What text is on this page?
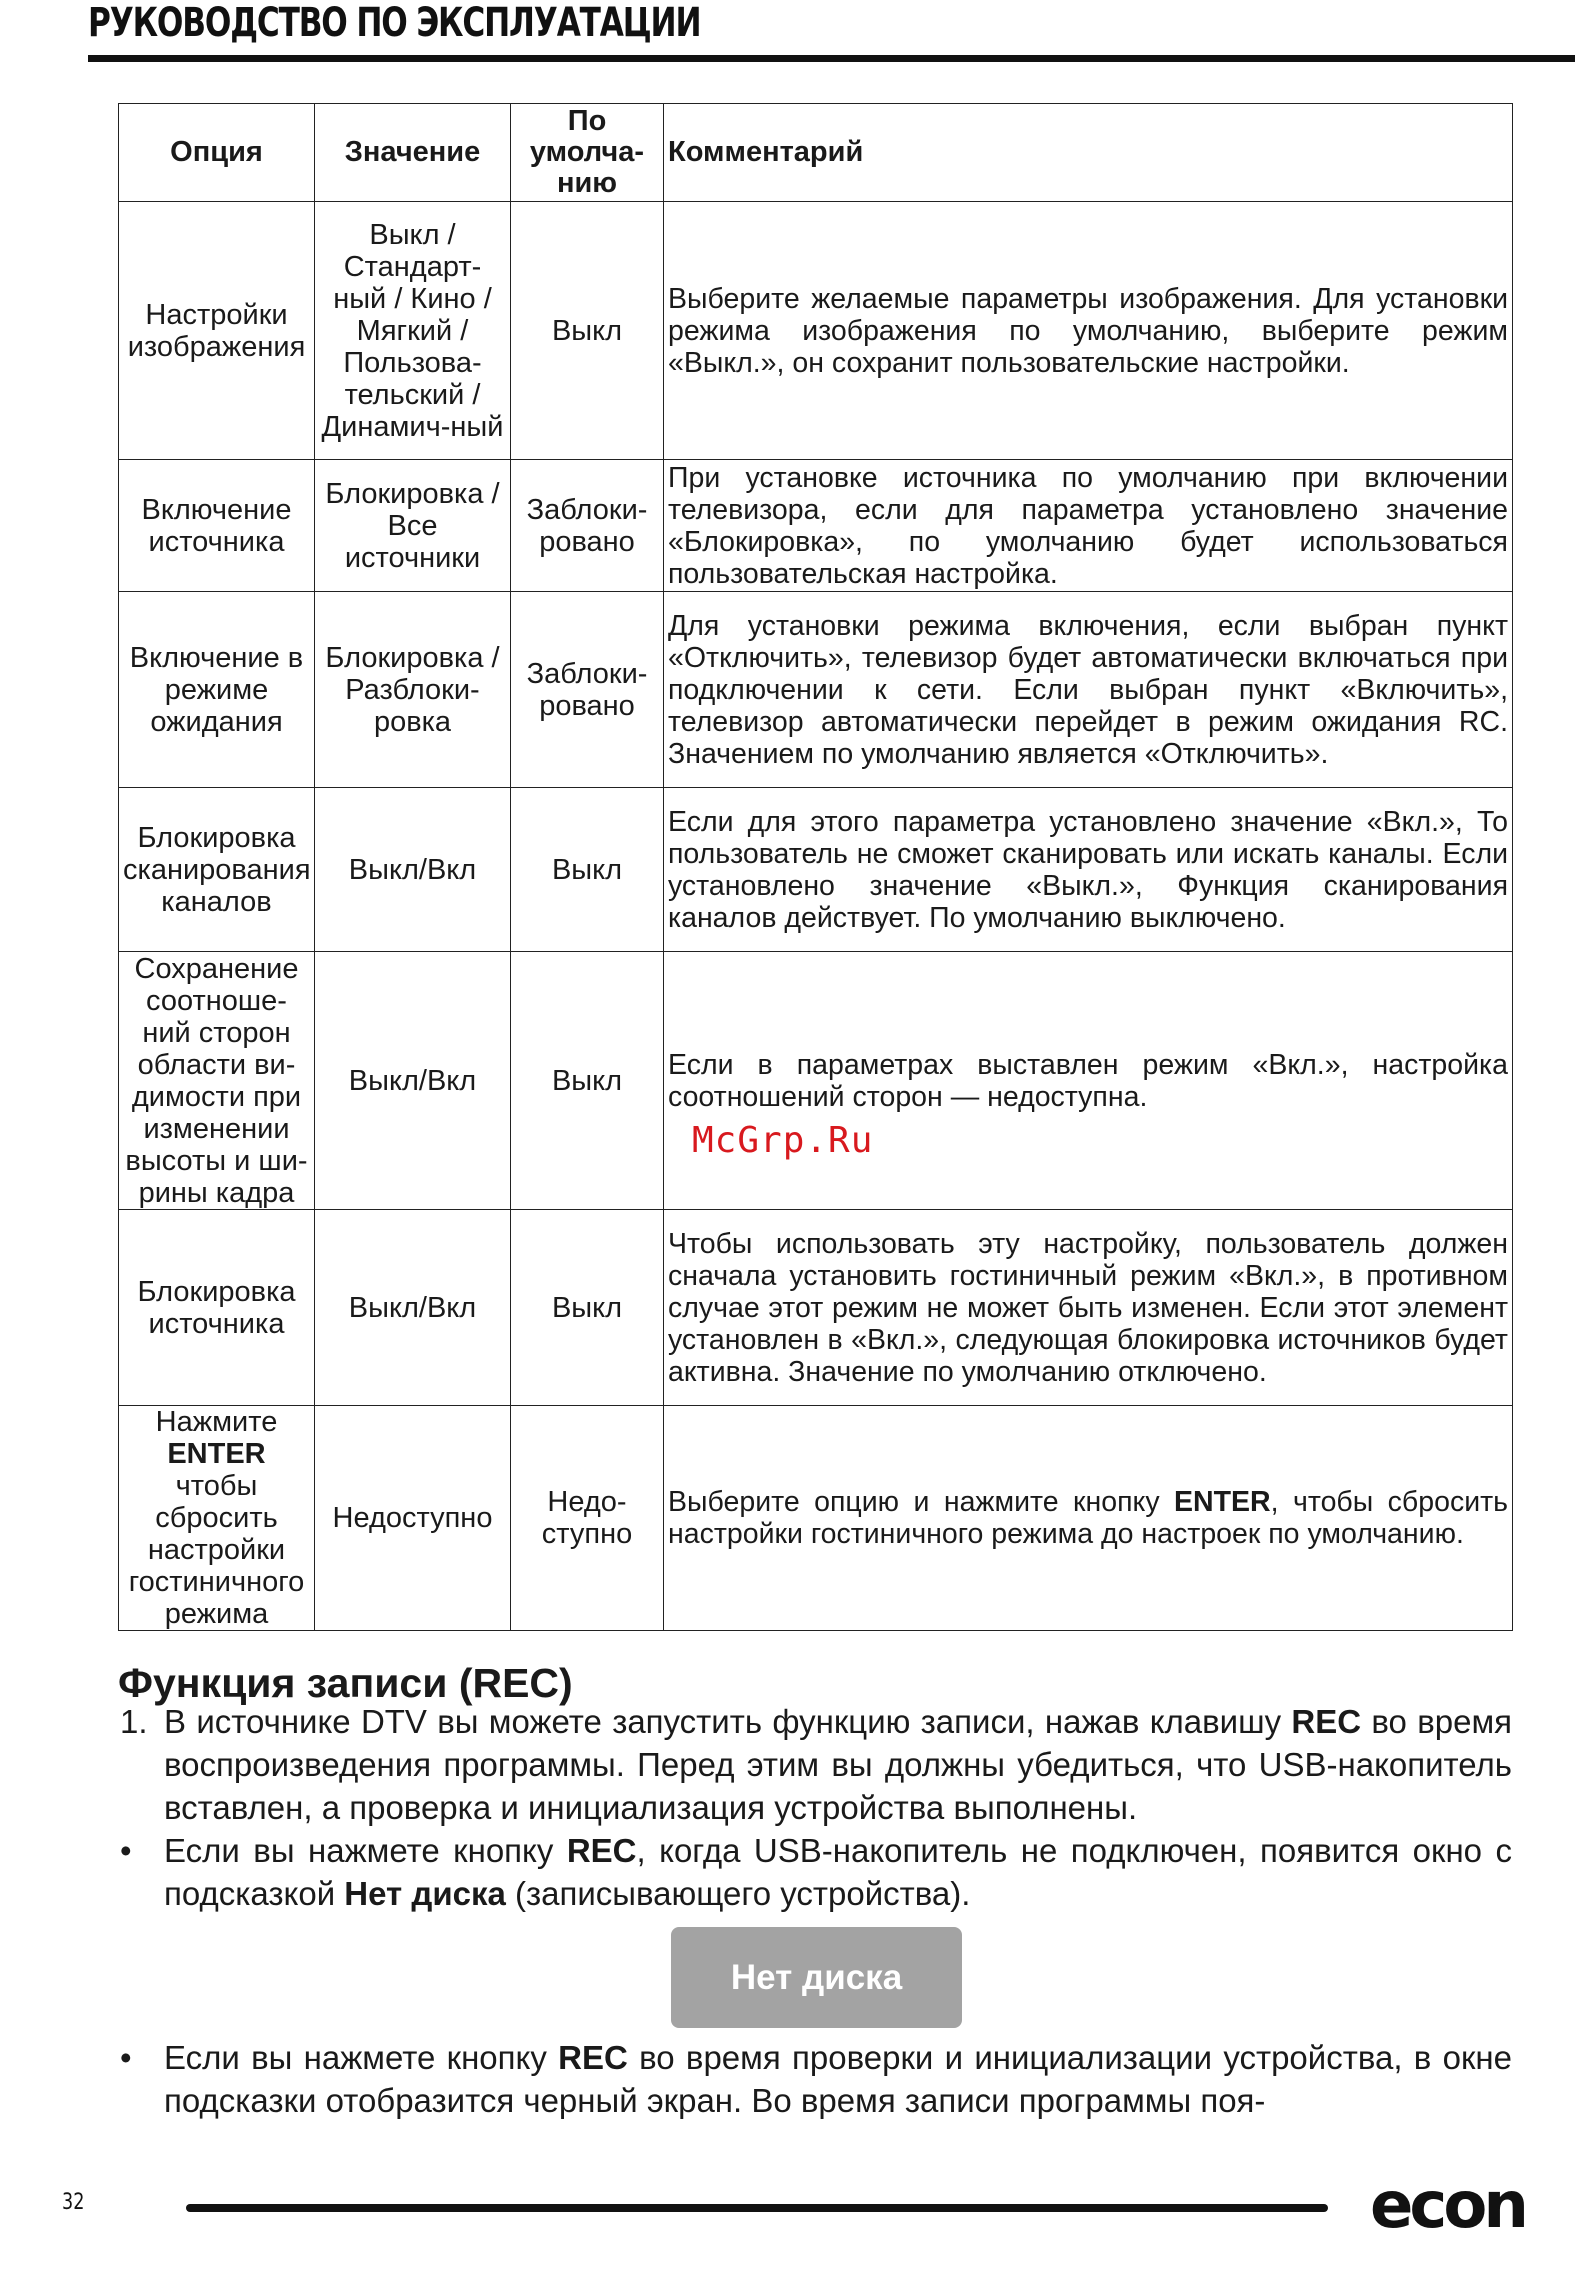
РУКОВОДСТВО ПО ЭКСПЛУАТАЦИИ
Опция	Значение	По умолча-нию	Комментарий
Настройки изображения	Выкл / Стандарт-ный / Кино / Мягкий / Пользова-тельский / Динамич-ный	Выкл	Выберите желаемые параметры изображения. Для установки режима изображения по умолчанию, выберите режим «Выкл.», он сохранит пользовательские настройки.
Включение источника	Блокировка / Все источники	Заблоки-ровано	При установке источника по умолчанию при включении телевизора, если для параметра установлено значение «Блокировка», по умолчанию будет использоваться пользовательская настройка.
Включение в режиме ожидания	Блокировка / Разблоки-ровка	Заблоки-ровано	Для установки режима включения, если выбран пункт «Отключить», телевизор будет автоматически включаться при подключении к сети. Если выбран пункт «Включить», телевизор автоматически перейдет в режим ожидания RC. Значением по умолчанию является «Отключить».
Блокировка сканирования каналов	Выкл/Вкл	Выкл	Если для этого параметра установлено значение «Вкл.», То пользователь не сможет сканировать или искать каналы. Если установлено значение «Выкл.», Функция сканирования каналов действует. По умолчанию выключено.
Сохранение соотноше-ний сторон области ви-димости при изменении высоты и ши-рины кадра	Выкл/Вкл	Выкл	Если в параметрах выставлен режим «Вкл.», настройка соотношений сторон — недоступна.
Блокировка источника	Выкл/Вкл	Выкл	Чтобы использовать эту настройку, пользователь должен сначала установить гостиничный режим «Вкл.», в противном случае этот режим не может быть изменен. Если этот элемент установлен в «Вкл.», следующая блокировка источников будет активна. Значение по умолчанию отключено.
Нажмите ENTER чтобы сбросить настройки гостиничного режима	Недоступно	Недо-ступно	Выберите опцию и нажмите кнопку ENTER, чтобы сбросить настройки гостиничного режима до настроек по умолчанию.
McGrp.Ru
Функция записи (REC)
1. В источнике DTV вы можете запустить функцию записи, нажав клавишу REC во время воспроизведения программы. Перед этим вы должны убедиться, что USB-накопитель вставлен, а проверка и инициализация устройства выполнены.
• Если вы нажмете кнопку REC, когда USB-накопитель не подключен, появится окно с подсказкой Нет диска (записывающего устройства).
Нет диска
• Если вы нажмете кнопку REC во время проверки и инициализации устройства, в окне подсказки отобразится черный экран. Во время записи программы поя-
32	econ
